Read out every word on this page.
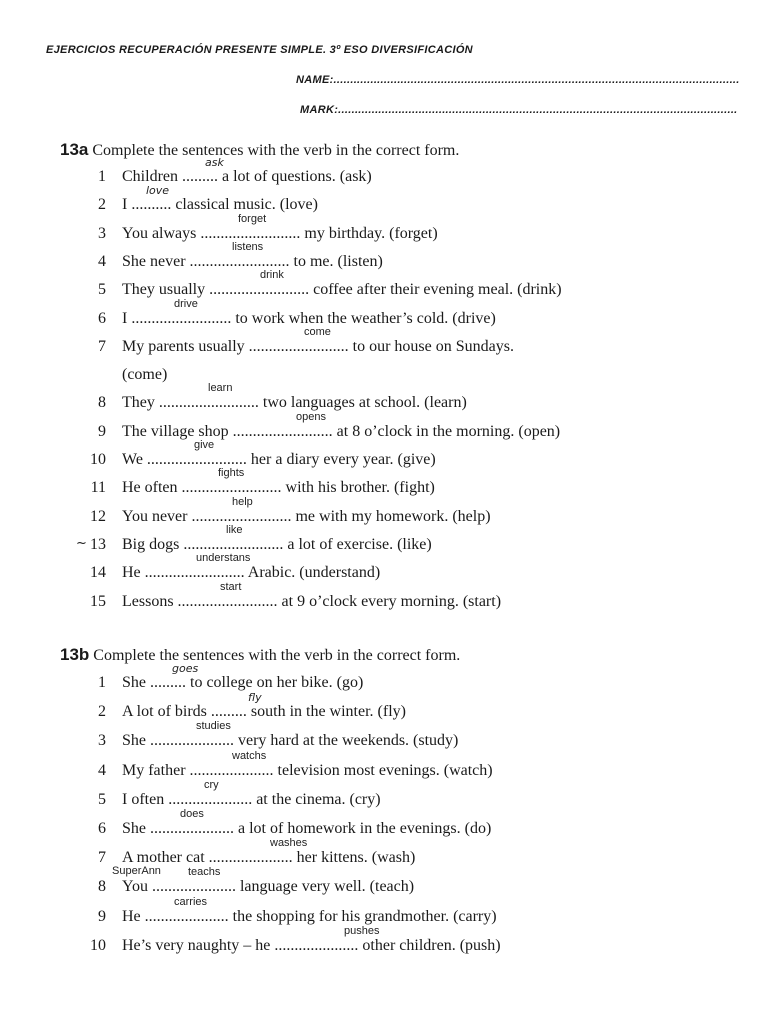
EJERCICIOS RECUPERACIÓN PRESENTE SIMPLE. 3º ESO DIVERSIFICACIÓN
NAME:.........................................................................................................................
MARK:.......................................................................................................................
13a Complete the sentences with the verb in the correct form.
1 Children ......... a lot of questions. (ask)
ask
2 I .......... classical music. (love)
love
3 You always ......................... my birthday. (forget)
forget
4 She never ......................... to me. (listen)
listens
5 They usually ......................... coffee after their evening meal. (drink)
drink
6 I ......................... to work when the weather’s cold. (drive)
drive
7 My parents usually ......................... to our house on Sundays.
come
(come)
8 They ......................... two languages at school. (learn)
learn
9 The village shop ......................... at 8 o’clock in the morning. (open)
opens
10 We ......................... her a diary every year. (give)
give
11 He often ......................... with his brother. (fight)
fights
12 You never ......................... me with my homework. (help)
help
13 Big dogs ......................... a lot of exercise. (like)
like
14 He ......................... Arabic. (understand)
understans
15 Lessons ......................... at 9 o’clock every morning. (start)
start
13b Complete the sentences with the verb in the correct form.
1 She ......... to college on her bike. (go)
goes
2 A lot of birds ......... south in the winter. (fly)
fly
3 She ..................... very hard at the weekends. (study)
studies
4 My father ..................... television most evenings. (watch)
watchs
5 I often ..................... at the cinema. (cry)
cry
6 She ..................... a lot of homework in the evenings. (do)
does
7 A mother cat ..................... her kittens. (wash)
washes
8 You ..................... language very well. (teach)
teachs
9 He ..................... the shopping for his grandmother. (carry)
carries
10 He’s very naughty – he ..................... other children. (push)
pushes
SuperAnn
~
